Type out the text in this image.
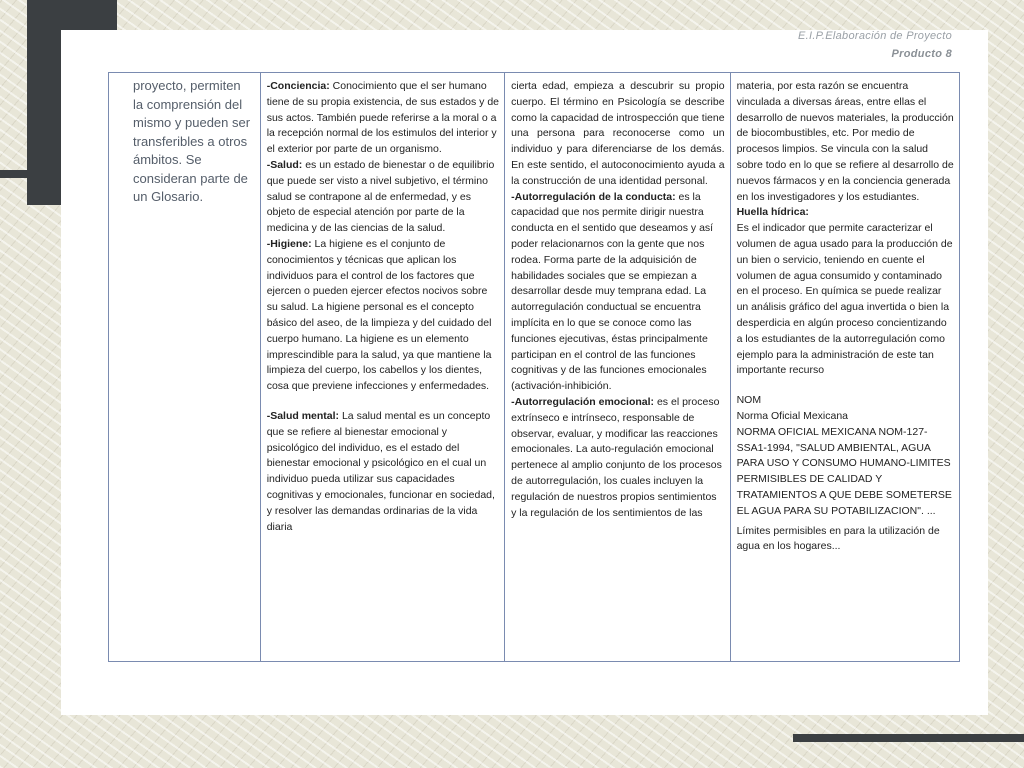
E.I.P.Elaboración de Proyecto
Producto 8

proyecto, permiten la comprensión del mismo y pueden ser transferibles a otros ámbitos. Se consideran parte de un Glosario.

-Conciencia: Conocimiento que el ser humano tiene de su propia existencia, de sus estados y de sus actos. También puede referirse a la moral o a la recepción normal de los estimulos del interior y el exterior por parte de un organismo.

-Salud: es un estado de bienestar o de equilibrio que puede ser visto a nivel subjetivo, el término salud se contrapone al de enfermedad, y es objeto de especial atención por parte de la medicina y de las ciencias de la salud.

-Higiene: La higiene es el conjunto de conocimientos y técnicas que aplican los individuos para el control de los factores que ejercen o pueden ejercer efectos nocivos sobre su salud. La higiene personal es el concepto básico del aseo, de la limpieza y del cuidado del cuerpo humano. La higiene es un elemento imprescindible para la salud, ya que mantiene la limpieza del cuerpo, los cabellos y los dientes, cosa que previene infecciones y enfermedades.

-Salud mental: La salud mental es un concepto que se refiere al bienestar emocional y psicológico del individuo, es el estado del bienestar emocional y psicológico en el cual un individuo pueda utilizar sus capacidades cognitivas y emocionales, funcionar en sociedad, y resolver las demandas ordinarias de la vida diaria

cierta edad, empieza a descubrir su propio cuerpo. El término en Psicología se describe como la capacidad de introspección que tiene una persona para reconocerse como un individuo y para diferenciarse de los demás. En este sentido, el autoconocimiento ayuda a la construcción de una identidad personal.

-Autorregulación de la conducta: es la capacidad que nos permite dirigir nuestra conducta en el sentido que deseamos y así poder relacionarnos con la gente que nos rodea. Forma parte de la adquisición de habilidades sociales que se empiezan a desarrollar desde muy temprana edad. La autorregulación conductual se encuentra implícita en lo que se conoce como las funciones ejecutivas, éstas principalmente participan en el control de las funciones cognitivas y de las funciones emocionales (activación-inhibición.

-Autorregulación emocional: es el proceso extrínseco e intrínseco, responsable de observar, evaluar, y modificar las reacciones emocionales. La auto-regulación emocional pertenece al amplio conjunto de los procesos de autorregulación, los cuales incluyen la regulación de nuestros propios sentimientos y la regulación de los sentimientos de las

materia, por esta razón se encuentra vinculada a diversas áreas, entre ellas el desarrollo de nuevos materiales, la producción de biocombustibles, etc. Por medio de procesos limpios. Se vincula con la salud sobre todo en lo que se refiere al desarrollo de nuevos fármacos y en la conciencia generada en los investigadores y los estudiantes.

Huella hídrica:

Es el indicador que permite caracterizar el volumen de agua usado para la producción de un bien o servicio, teniendo en cuente el volumen de agua consumido y contaminado en el proceso. En química se puede realizar un análisis gráfico del agua invertida o bien la desperdicia en algún proceso concientizando a los estudiantes de la autorregulación como ejemplo para la administración de este tan importante recurso

NOM

Norma Oficial Mexicana

NORMA OFICIAL MEXICANA NOM-127-SSA1-1994, "SALUD AMBIENTAL, AGUA PARA USO Y CONSUMO HUMANO-LIMITES PERMISIBLES DE CALIDAD Y TRATAMIENTOS A QUE DEBE SOMETERSE EL AGUA PARA SU POTABILIZACION". ...

Límites permisibles en para la utilización de agua en los hogares...
